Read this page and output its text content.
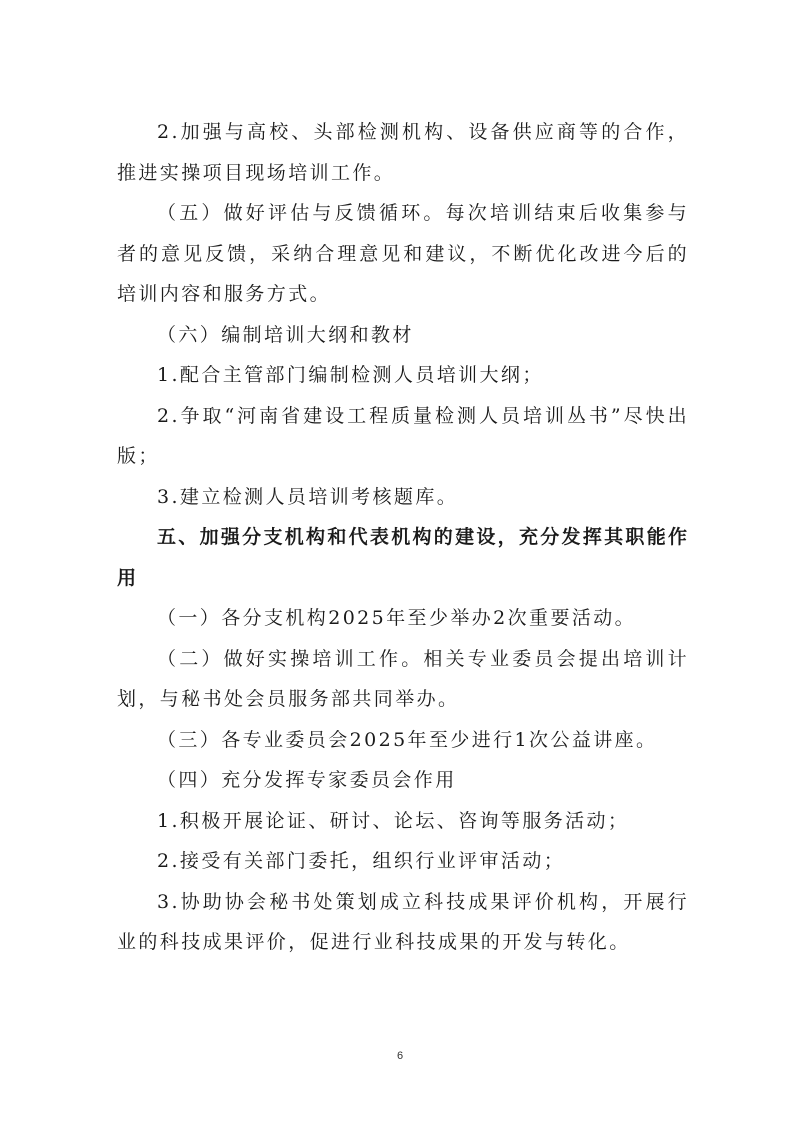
2.加强与高校、头部检测机构、设备供应商等的合作，推进实操项目现场培训工作。

（五）做好评估与反馈循环。每次培训结束后收集参与者的意见反馈，采纳合理意见和建议，不断优化改进今后的培训内容和服务方式。

（六）编制培训大纲和教材

1.配合主管部门编制检测人员培训大纲；

2.争取“河南省建设工程质量检测人员培训丛书”尽快出版；

3.建立检测人员培训考核题库。

五、加强分支机构和代表机构的建设，充分发挥其职能作用

（一）各分支机构2025年至少举办2次重要活动。

（二）做好实操培训工作。相关专业委员会提出培训计划，与秘书处会员服务部共同举办。

（三）各专业委员会2025年至少进行1次公益讲座。

（四）充分发挥专家委员会作用

1.积极开展论证、研讨、论坛、咨询等服务活动；

2.接受有关部门委托，组织行业评审活动；

3.协助协会秘书处策划成立科技成果评价机构，开展行业的科技成果评价，促进行业科技成果的开发与转化。

6
